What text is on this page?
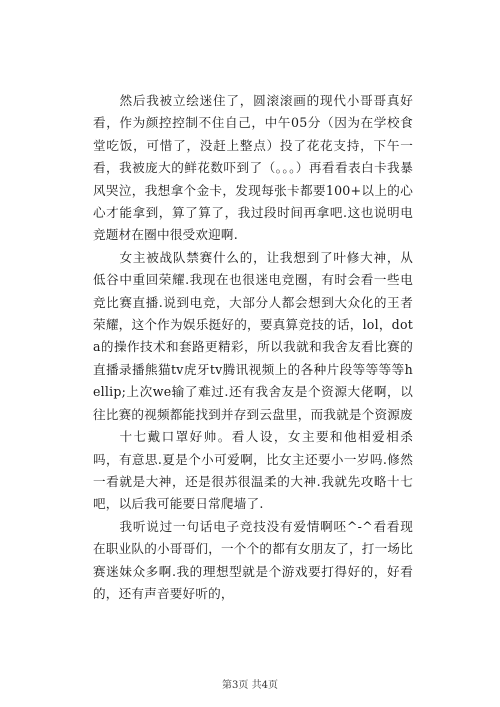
然后我被立绘迷住了，圆滚滚画的现代小哥哥真好看，作为颜控控制不住自己，中午05分（因为在学校食堂吃饭，可惜了，没赶上整点）投了花花支持，下午一看，我被庞大的鲜花数吓到了（。。。）再看看表白卡我暴风哭泣，我想拿个金卡，发现每张卡都要100+以上的心心才能拿到，算了算了，我过段时间再拿吧.这也说明电竞题材在圈中很受欢迎啊.

女主被战队禁赛什么的，让我想到了叶修大神，从低谷中重回荣耀.我现在也很迷电竞圈，有时会看一些电竞比赛直播.说到电竞，大部分人都会想到大众化的王者荣耀，这个作为娱乐挺好的，要真算竞技的话，lol，dota的操作技术和套路更精彩，所以我就和我舍友看比赛的直播录播熊猫tv虎牙tv腾讯视频上的各种片段等等等等hellip;上次we输了难过.还有我舍友是个资源大佬啊，以往比赛的视频都能找到并存到云盘里，而我就是个资源废

十七戴口罩好帅。看人设，女主要和他相爱相杀吗，有意思.夏是个小可爱啊，比女主还要小一岁吗.修然一看就是大神，还是很苏很温柔的大神.我就先攻略十七吧，以后我可能要日常爬墙了.

我听说过一句话电子竞技没有爱情啊呸^-^看看现在职业队的小哥哥们，一个个的都有女朋友了，打一场比赛迷妹众多啊.我的理想型就是个游戏要打得好的，好看的，还有声音要好听的，

第3页 共4页
